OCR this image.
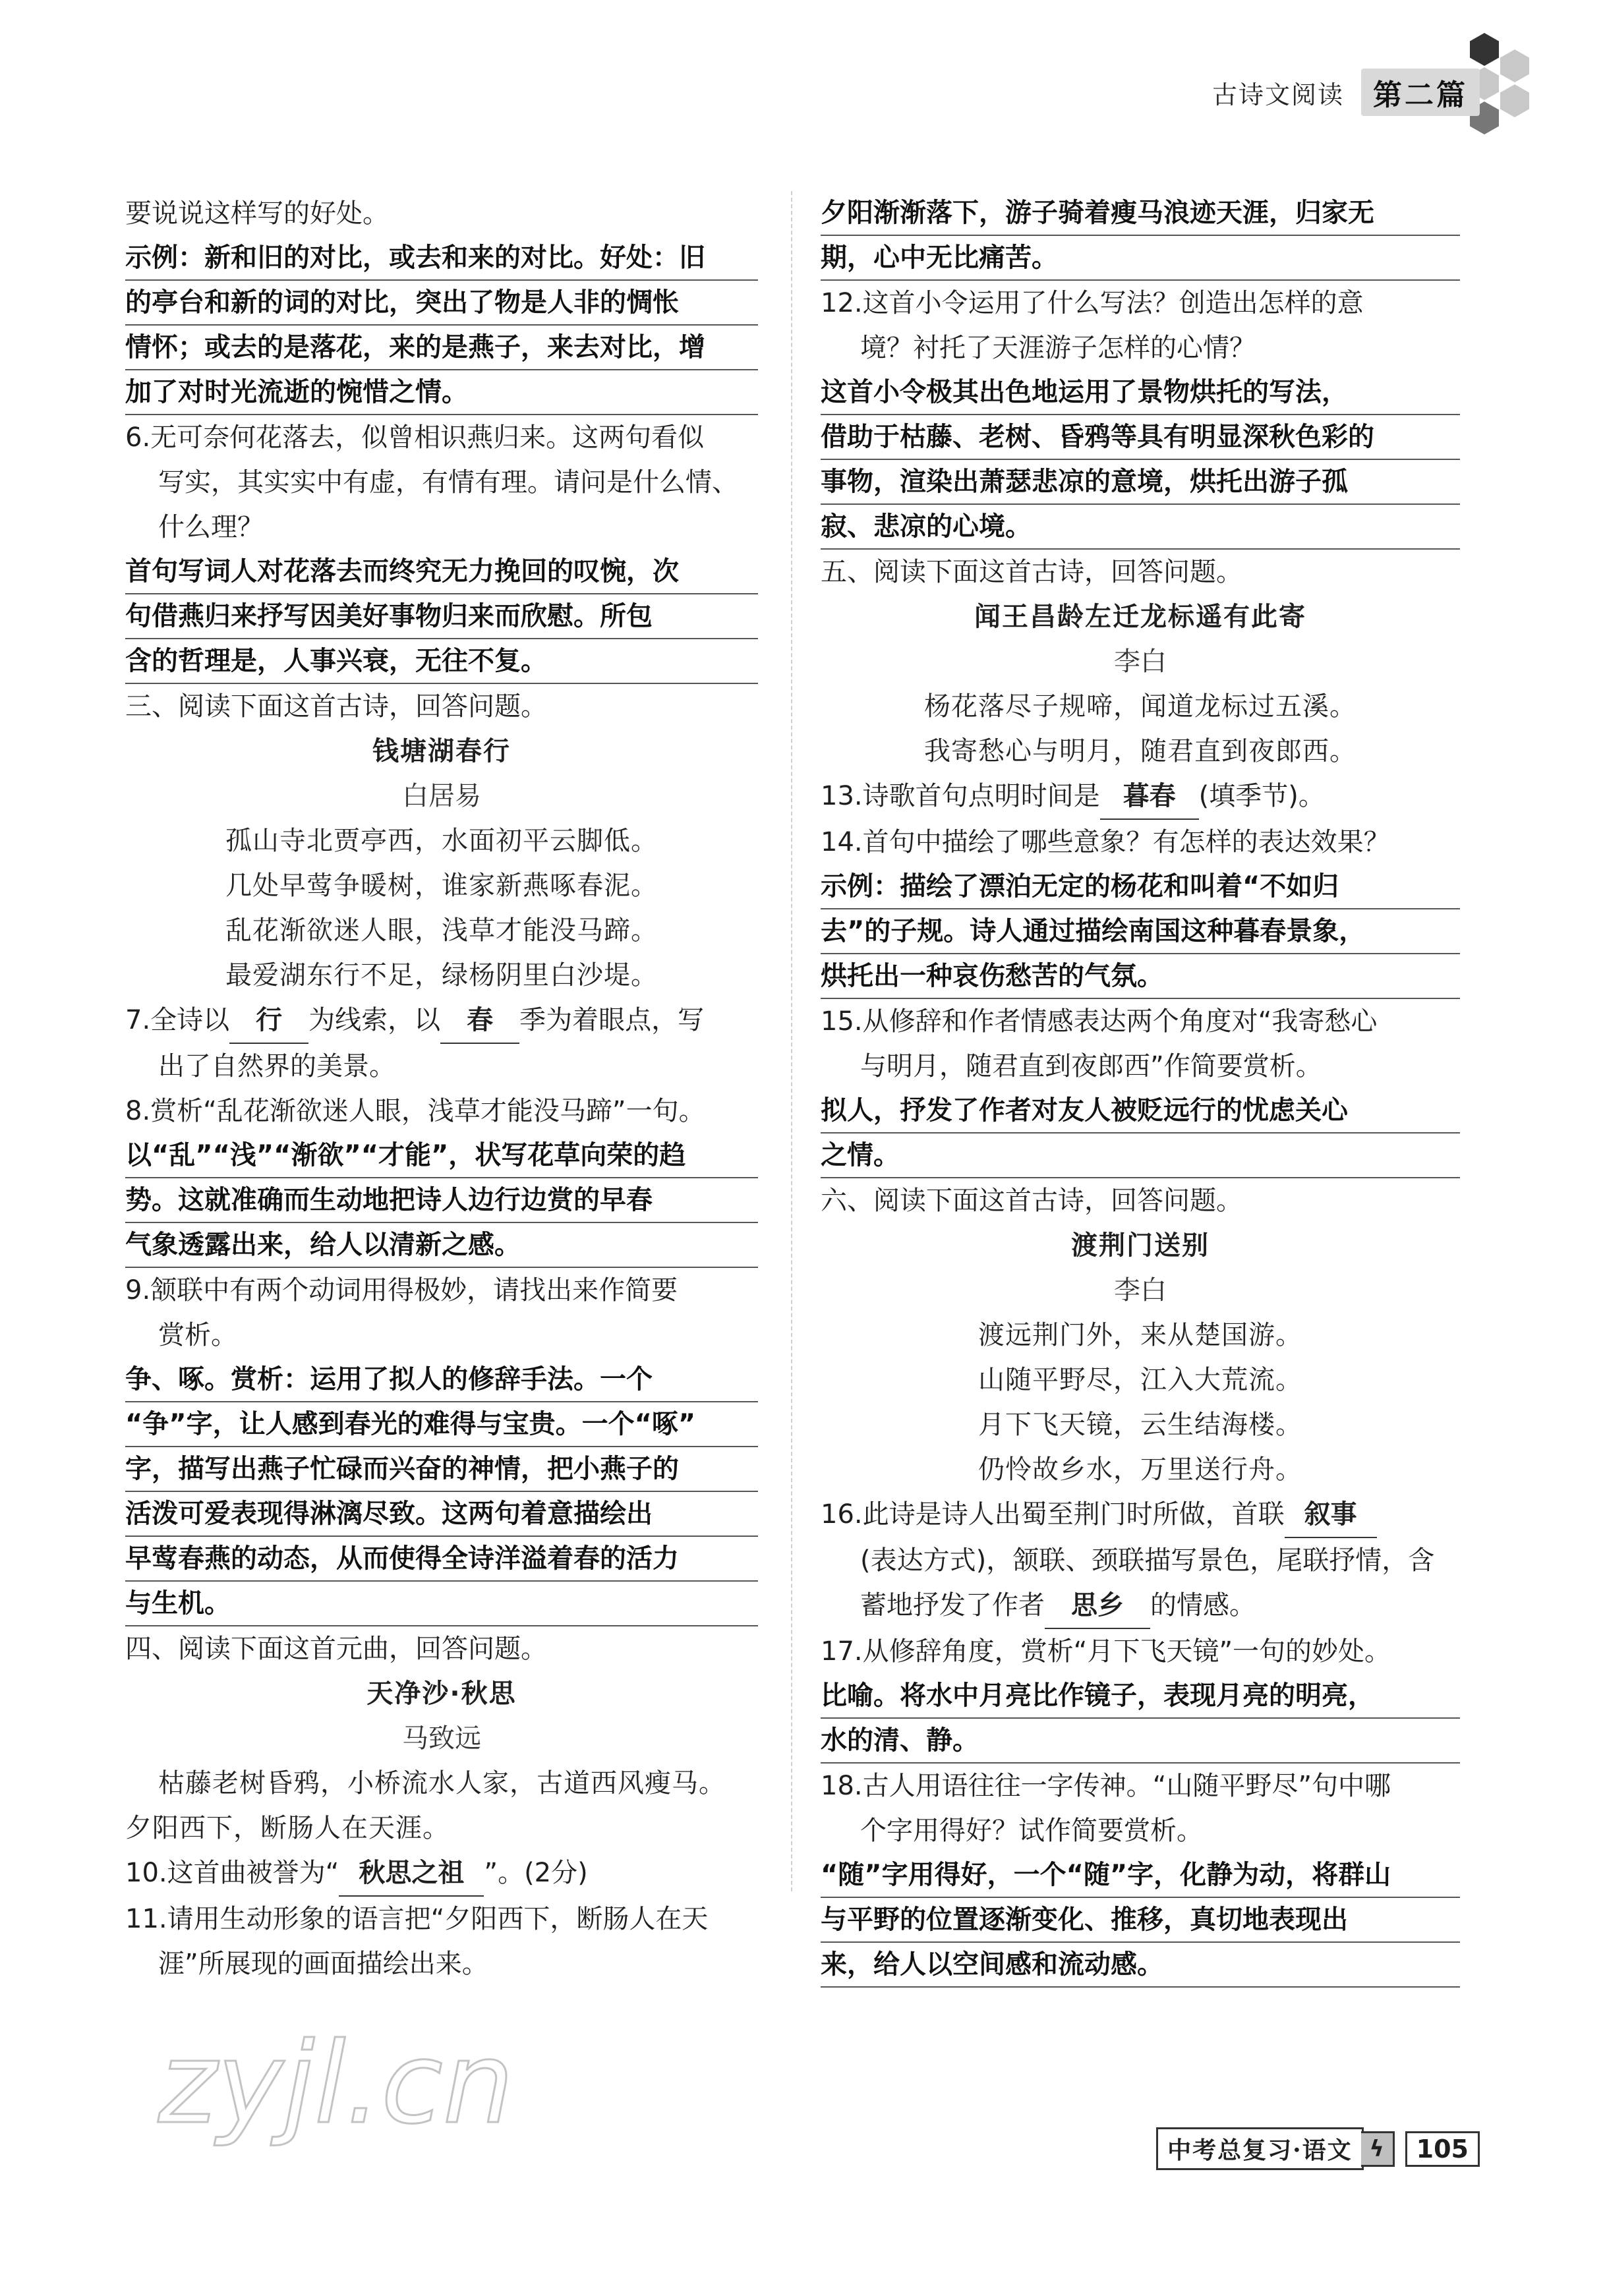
古诗文阅读	第二篇
要说说这样写的好处。
示例：新和旧的对比，或去和来的对比。好处：旧
的亭台和新的词的对比，突出了物是人非的惆怅
情怀；或去的是落花，来的是燕子，来去对比，增
加了对时光流逝的惋惜之情。
6.无可奈何花落去，似曾相识燕归来。这两句看似
写实，其实实中有虚，有情有理。请问是什么情、
什么理？
首句写词人对花落去而终究无力挽回的叹惋，次
句借燕归来抒写因美好事物归来而欣慰。所包
含的哲理是，人事兴衰，无往不复。
三、阅读下面这首古诗，回答问题。
钱塘湖春行
白居易
孤山寺北贾亭西，水面初平云脚低。
几处早莺争暖树，谁家新燕啄春泥。
乱花渐欲迷人眼，浅草才能没马蹄。
最爱湖东行不足，绿杨阴里白沙堤。
7.全诗以 行 为线索，以 春 季为着眼点，写
出了自然界的美景。
8.赏析“乱花渐欲迷人眼，浅草才能没马蹄”一句。
以“乱”“浅”“渐欲”“才能”，状写花草向荣的趋
势。这就准确而生动地把诗人边行边赏的早春
气象透露出来，给人以清新之感。
9.颔联中有两个动词用得极妙，请找出来作简要
赏析。
争、啄。赏析：运用了拟人的修辞手法。一个
“争”字，让人感到春光的难得与宝贵。一个“啄”
字，描写出燕子忙碌而兴奋的神情，把小燕子的
活泼可爱表现得淋漓尽致。这两句着意描绘出
早莺春燕的动态，从而使得全诗洋溢着春的活力
与生机。
四、阅读下面这首元曲，回答问题。
天净沙·秋思
马致远
枯藤老树昏鸦，小桥流水人家，古道西风瘦马。
夕阳西下，断肠人在天涯。
10.这首曲被誉为“ 秋思之祖 ”。(2分)
11.请用生动形象的语言把“夕阳西下，断肠人在天
涯”所展现的画面描绘出来。
夕阳渐渐落下，游子骑着瘦马浪迹天涯，归家无
期，心中无比痛苦。
12.这首小令运用了什么写法？创造出怎样的意
境？衬托了天涯游子怎样的心情？
这首小令极其出色地运用了景物烘托的写法，
借助于枯藤、老树、昏鸦等具有明显深秋色彩的
事物，渲染出萧瑟悲凉的意境，烘托出游子孤
寂、悲凉的心境。
五、阅读下面这首古诗，回答问题。
闻王昌龄左迁龙标遥有此寄
李白
杨花落尽子规啼，闻道龙标过五溪。
我寄愁心与明月，随君直到夜郎西。
13.诗歌首句点明时间是 暮春 (填季节)。
14.首句中描绘了哪些意象？有怎样的表达效果？
示例：描绘了漂泊无定的杨花和叫着“不如归
去”的子规。诗人通过描绘南国这种暮春景象，
烘托出一种哀伤愁苦的气氛。
15.从修辞和作者情感表达两个角度对“我寄愁心
与明月，随君直到夜郎西”作简要赏析。
拟人，抒发了作者对友人被贬远行的忧虑关心
之情。
六、阅读下面这首古诗，回答问题。
渡荆门送别
李白
渡远荆门外，来从楚国游。
山随平野尽，江入大荒流。
月下飞天镜，云生结海楼。
仍怜故乡水，万里送行舟。
16.此诗是诗人出蜀至荆门时所做，首联 叙事
(表达方式)，颔联、颈联描写景色，尾联抒情，含
蓄地抒发了作者 思乡 的情感。
17.从修辞角度，赏析“月下飞天镜”一句的妙处。
比喻。将水中月亮比作镜子，表现月亮的明亮，
水的清、静。
18.古人用语往往一字传神。“山随平野尽”句中哪
个字用得好？试作简要赏析。
“随”字用得好，一个“随”字，化静为动，将群山
与平野的位置逐渐变化、推移，真切地表现出
来，给人以空间感和流动感。
zyjl.cn
中考总复习·语文 ϟ	105
